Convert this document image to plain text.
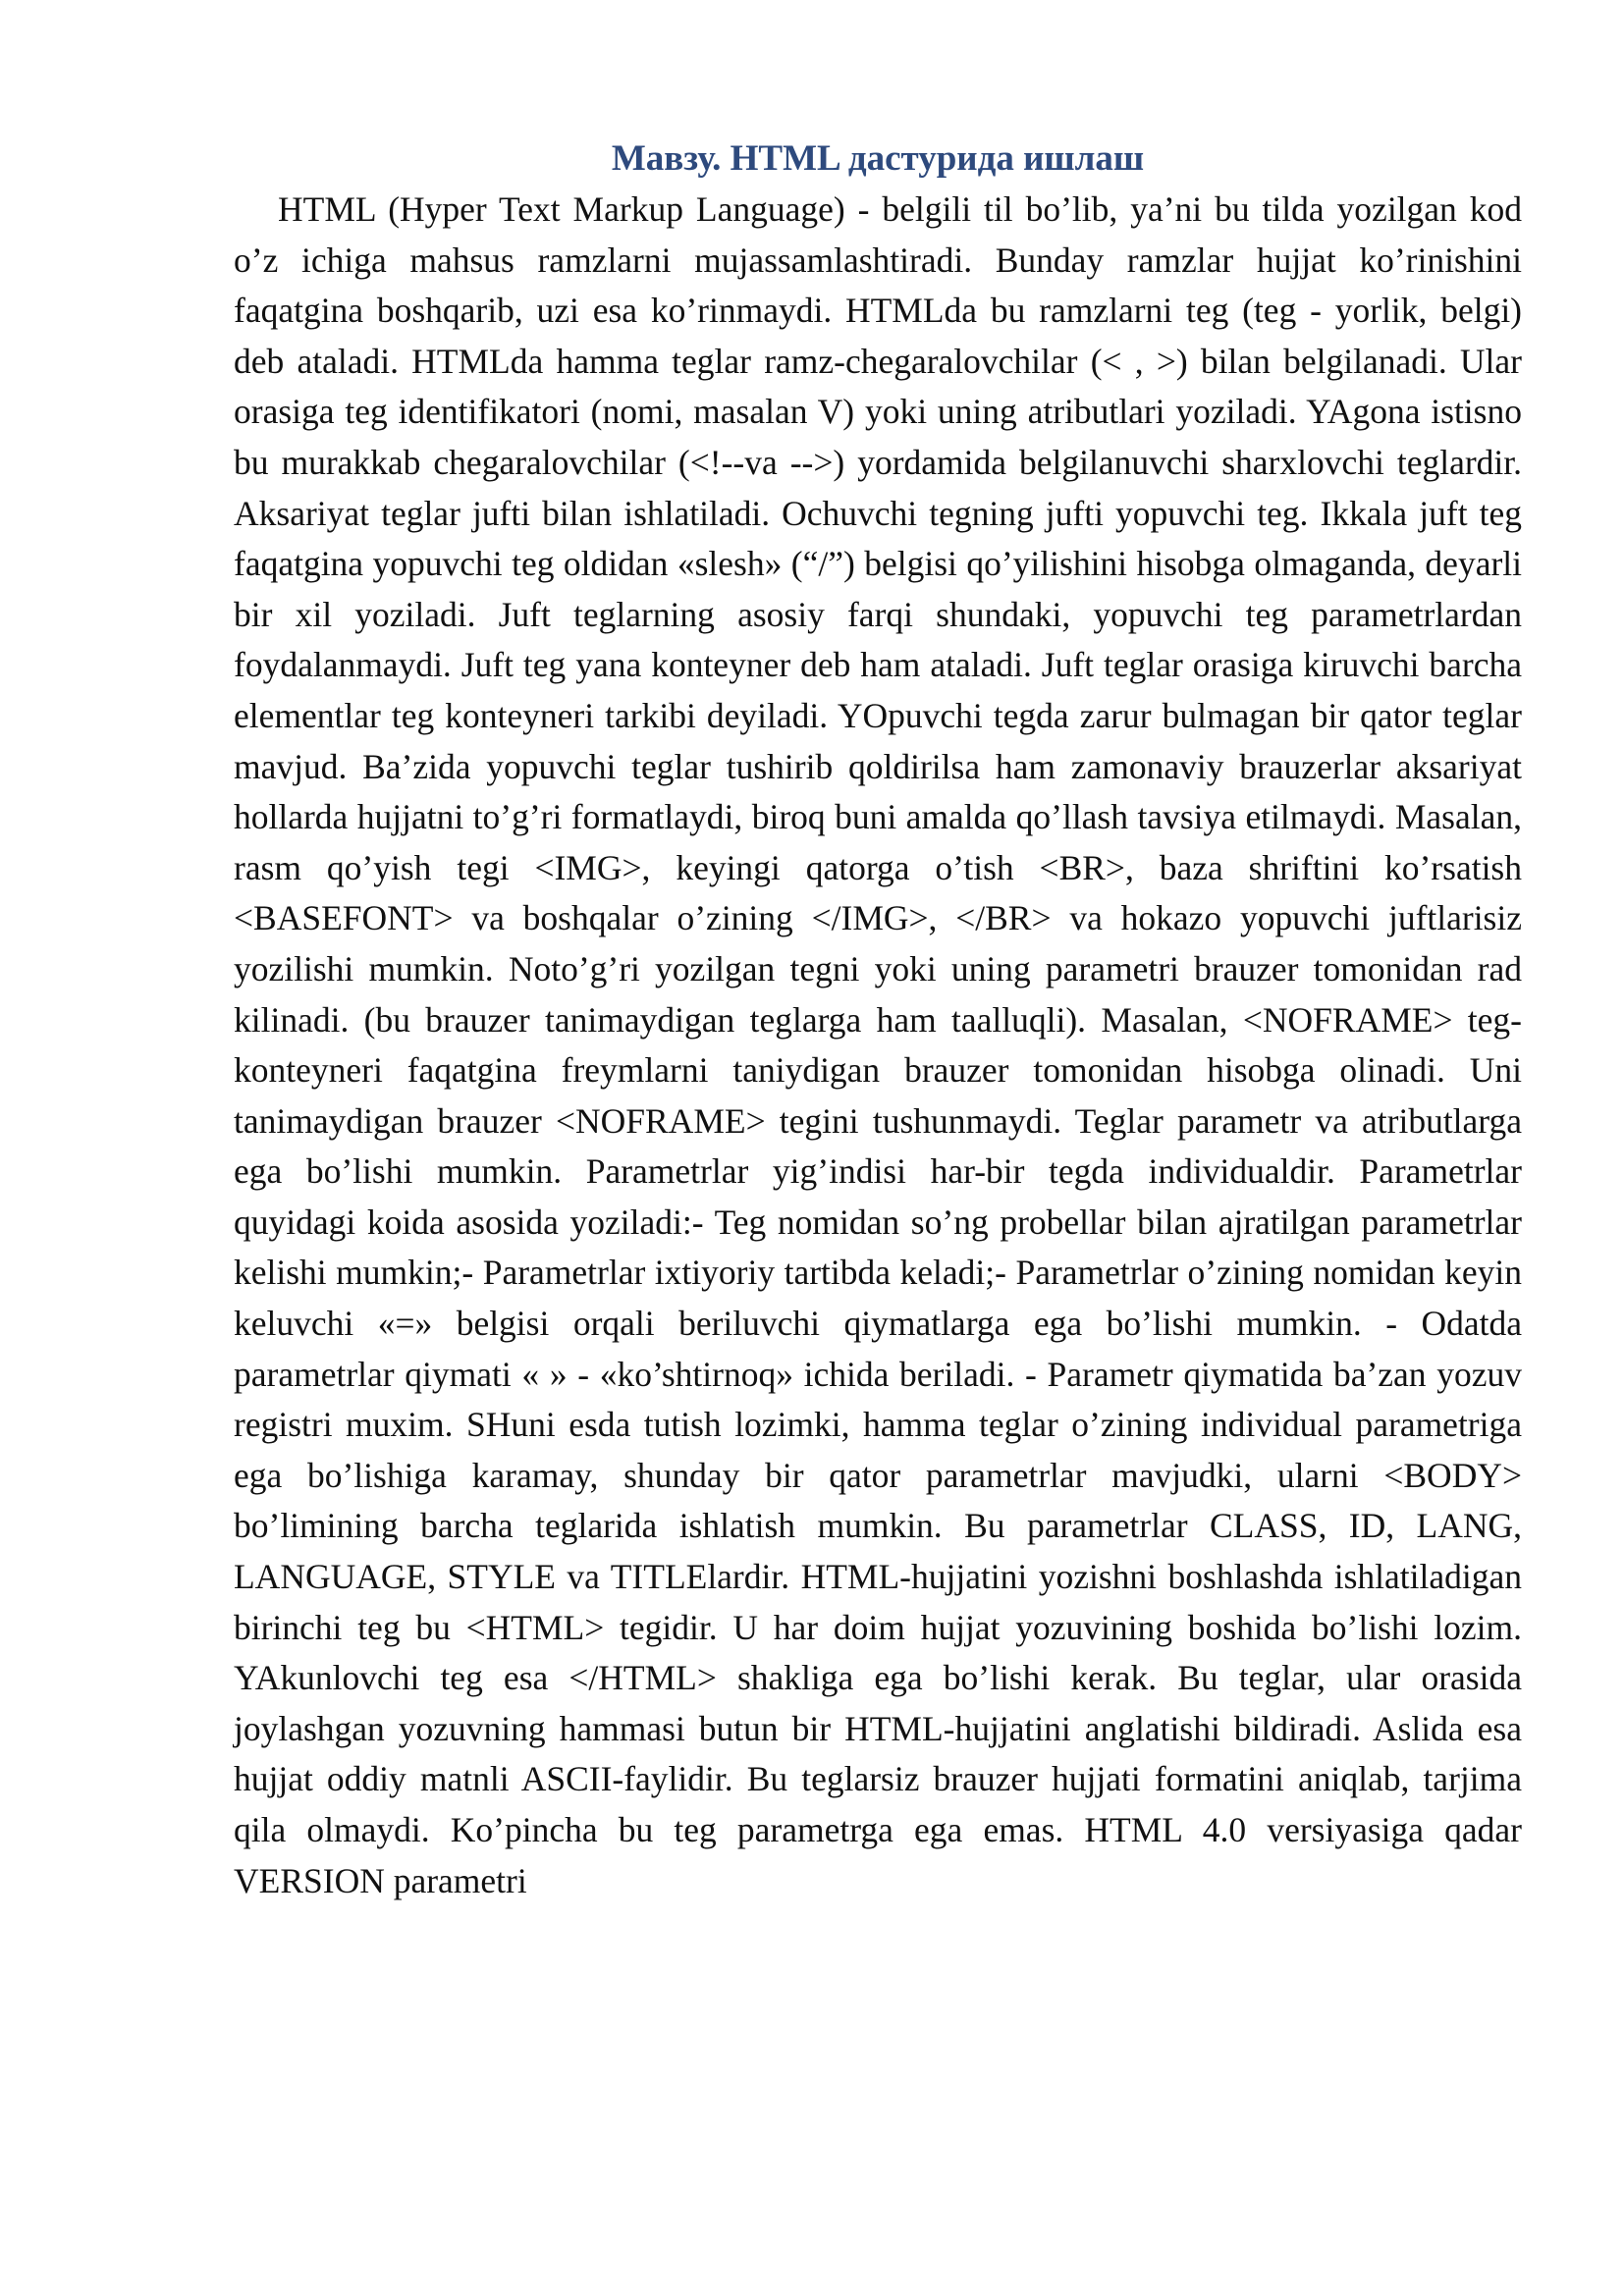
Мавзу. HTML дастурида ишлаш

HTML (Hyper Text Markup Language) - belgili til bo’lib, ya’ni bu tilda yozilgan kod o’z ichiga mahsus ramzlarni mujassamlashtiradi. Bunday ramzlar hujjat ko’rinishini faqatgina boshqarib, uzi esa ko’rinmaydi. HTMLda bu ramzlarni teg (teg - yorlik, belgi) deb ataladi. HTMLda hamma teglar ramz-chegaralovchilar (< , >) bilan belgilanadi. Ular orasiga teg identifikatori (nomi, masalan V) yoki uning atributlari yoziladi. YAgona istisno bu murakkab chegaralovchilar (<!--va -->) yordamida belgilanuvchi sharxlovchi teglardir. Aksariyat teglar jufti bilan ishlatiladi. Ochuvchi tegning jufti yopuvchi teg. Ikkala juft teg faqatgina yopuvchi teg oldidan «slesh» (“/”) belgisi qo’yilishini hisobga olmaganda, deyarli bir xil yoziladi. Juft teglarning asosiy farqi shundaki, yopuvchi teg parametrlardan foydalanmaydi. Juft teg yana konteyner deb ham ataladi. Juft teglar orasiga kiruvchi barcha elementlar teg konteyneri tarkibi deyiladi. YOpuvchi tegda zarur bulmagan bir qator teglar mavjud. Ba’zida yopuvchi teglar tushirib qoldirilsa ham zamonaviy brauzerlar aksariyat hollarda hujjatni to’g’ri formatlaydi, biroq buni amalda qo’llash tavsiya etilmaydi. Masalan, rasm qo’yish tegi <IMG>, keyingi qatorga o’tish <BR>, baza shriftini ko’rsatish <BASEFONT> va boshqalar o’zining </IMG>, </BR> va hokazo yopuvchi juftlarisiz yozilishi mumkin. Noto’g’ri yozilgan tegni yoki uning parametri brauzer tomonidan rad kilinadi. (bu brauzer tanimaydigan teglarga ham taalluqli). Masalan, <NOFRAME> teg-konteyneri faqatgina freymlarni taniydigan brauzer tomonidan hisobga olinadi. Uni tanimaydigan brauzer <NOFRAME> tegini tushunmaydi. Teglar parametr va atributlarga ega bo’lishi mumkin. Parametrlar yig’indisi har-bir tegda individualdir. Parametrlar quyidagi koida asosida yoziladi:- Teg nomidan so’ng probellar bilan ajratilgan parametrlar kelishi mumkin;- Parametrlar ixtiyoriy tartibda keladi;- Parametrlar o’zining nomidan keyin keluvchi «=» belgisi orqali beriluvchi qiymatlarga ega bo’lishi mumkin. - Odatda parametrlar qiymati « » - «ko’shtirnoq» ichida beriladi. - Parametr qiymatida ba’zan yozuv registri muxim. SHuni esda tutish lozimki, hamma teglar o’zining individual parametriga ega bo’lishiga karamay, shunday bir qator parametrlar mavjudki, ularni <BODY> bo’limining barcha teglarida ishlatish mumkin. Bu parametrlar CLASS, ID, LANG, LANGUAGE, STYLE va TITLElardir. HTML-hujjatini yozishni boshlashda ishlatiladigan birinchi teg bu <HTML> tegidir. U har doim hujjat yozuvining boshida bo’lishi lozim. YAkunlovchi teg esa </HTML> shakliga ega bo’lishi kerak. Bu teglar, ular orasida joylashgan yozuvning hammasi butun bir HTML-hujjatini anglatishi bildiradi. Aslida esa hujjat oddiy matnli ASCII-faylidir. Bu teglarsiz brauzer hujjati formatini aniqlab, tarjima qila olmaydi. Ko’pincha bu teg parametrga ega emas. HTML 4.0 versiyasiga qadar VERSION parametri
